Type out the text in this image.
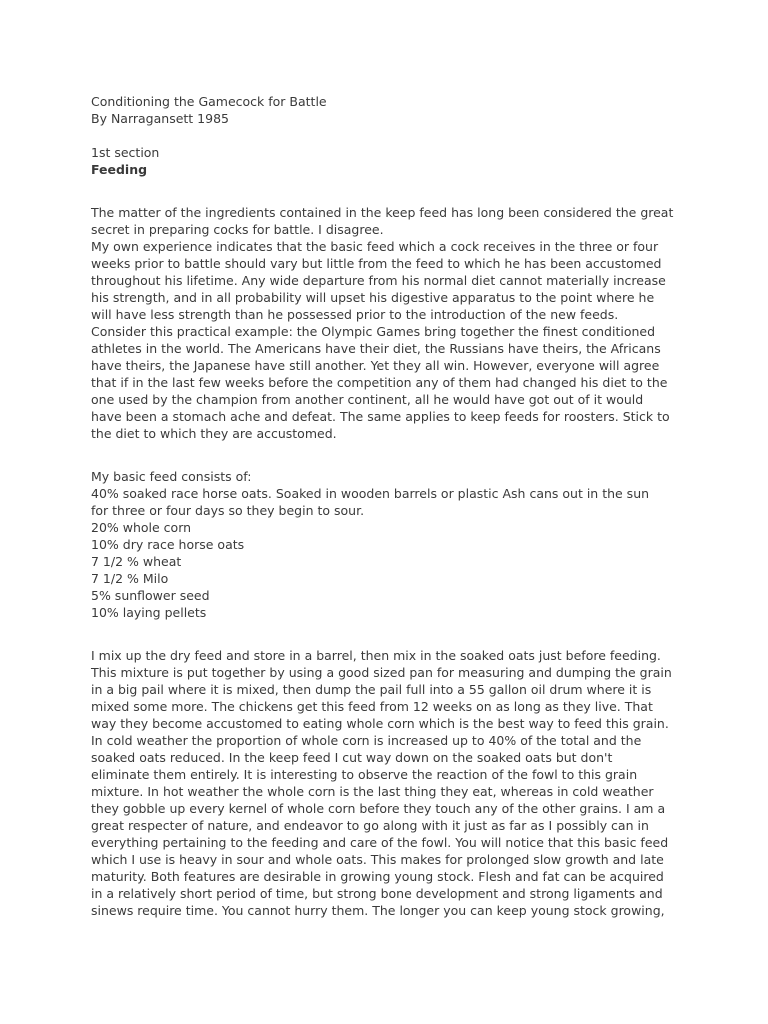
Conditioning the Gamecock for Battle
By Narragansett 1985
1st section
Feeding
The matter of the ingredients contained in the keep feed has long been considered the great
secret in preparing cocks for battle. I disagree.
My own experience indicates that the basic feed which a cock receives in the three or four
weeks prior to battle should vary but little from the feed to which he has been accustomed
throughout his lifetime. Any wide departure from his normal diet cannot materially increase
his strength, and in all probability will upset his digestive apparatus to the point where he
will have less strength than he possessed prior to the introduction of the new feeds.
Consider this practical example: the Olympic Games bring together the finest conditioned
athletes in the world. The Americans have their diet, the Russians have theirs, the Africans
have theirs, the Japanese have still another. Yet they all win. However, everyone will agree
that if in the last few weeks before the competition any of them had changed his diet to the
one used by the champion from another continent, all he would have got out of it would
have been a stomach ache and defeat. The same applies to keep feeds for roosters. Stick to
the diet to which they are accustomed.
My basic feed consists of:
40% soaked race horse oats. Soaked in wooden barrels or plastic Ash cans out in the sun
for three or four days so they begin to sour.
20% whole corn
10% dry race horse oats
7 1/2 % wheat
7 1/2 % Milo
5% sunflower seed
10% laying pellets
I mix up the dry feed and store in a barrel, then mix in the soaked oats just before feeding.
This mixture is put together by using a good sized pan for measuring and dumping the grain
in a big pail where it is mixed, then dump the pail full into a 55 gallon oil drum where it is
mixed some more. The chickens get this feed from 12 weeks on as long as they live. That
way they become accustomed to eating whole corn which is the best way to feed this grain.
In cold weather the proportion of whole corn is increased up to 40% of the total and the
soaked oats reduced. In the keep feed I cut way down on the soaked oats but don't
eliminate them entirely. It is interesting to observe the reaction of the fowl to this grain
mixture. In hot weather the whole corn is the last thing they eat, whereas in cold weather
they gobble up every kernel of whole corn before they touch any of the other grains. I am a
great respecter of nature, and endeavor to go along with it just as far as I possibly can in
everything pertaining to the feeding and care of the fowl. You will notice that this basic feed
which I use is heavy in sour and whole oats. This makes for prolonged slow growth and late
maturity. Both features are desirable in growing young stock. Flesh and fat can be acquired
in a relatively short period of time, but strong bone development and strong ligaments and
sinews require time. You cannot hurry them. The longer you can keep young stock growing,
